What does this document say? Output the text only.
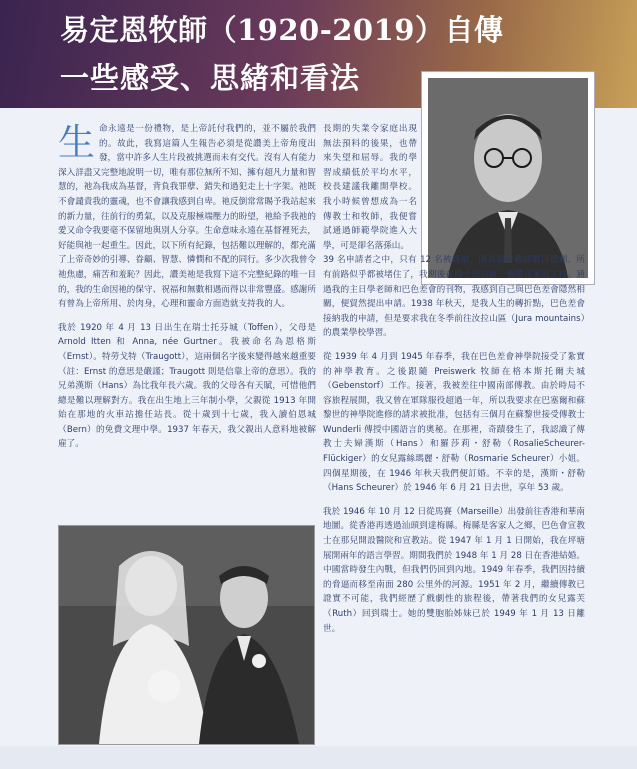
易定恩牧師（1920-2019）自傳
一些感受、思緒和看法

生命永遠是一份禮物，是上帝託付我們的，並不屬於我們的。故此，我寫這篇人生報告必須是從讚美上帝角度出發，當中許多人生片段被挑選而未有交代。沒有人有能力深入詳盡又完整地說明一切，唯有那位無所不知、擁有超凡力量和智慧的，祂為我成為基督，背負我罪孽、錯失和過犯走上十字架。祂既不會譴責我的靈魂，也不會讓我感到自卑。祂反倒常常賜予我站起來的新力量，往前行的勇氣，以及克服極端壓力的盼望，祂給予我祂的愛又命令我要毫不保留地與別人分享。生命意味永遠在基督裡死去，好能與祂一起重生。因此，以下所有紀錄，包括難以理解的，都充滿了上帝奇妙的引導、眷顧、智慧、憐憫和不配的同行。多少次我曾令祂焦慮，痛苦和羞恥？因此，讚美祂是我寫下這不完整紀錄的唯一目的，我的生命因祂的保守、祝福和無數相遇而得以非常豐盛。感謝所有曾為上帝所用、於肉身，心理和靈命方面造就支持我的人。

我於 1920 年 4 月 13 日出生在瑞士托芬城（Toffen），父母是 Arnold Itten 和 Anna, née Gurtner。我被命名為恩格斯（Ernst）。特勞戈特（Traugott），這兩個名字後來變得越來越重要（註：Ernst 的意思是嚴謹；Traugott 則是信靠上帝的意思）。我的兄弟漢斯（Hans）為比我年長六歲。我的父母各有天賦，可惜他們總是難以理解對方。我在出生地上三年制小學，父親從 1913 年開始在那地的火車站擔任站長。從十歲到十七歲，我入讀伯恩城（Bern）的免費文理中學。1937 年春天，我父親出人意料地被解雇了。

長期的失業令家庭出現無法預料的後果，也帶來失望和屈辱。我的學習成績低於平均水平，校長建議我離開學校。我小時候曾想成為一名傳教士和牧師，我便嘗試通過師範學院進入大學，可是卻名落孫山。

39 名申請者之中，只有 12 名被錄取，因為當時教師數目過剩。所有前路似乎都被堵住了，我期後在瑞士法語區一個農民家庭工作。通過我的主日學老師和巴色差會的刊物，我感到自己與巴色差會隱然相關，便貿然提出申請。1938 年秋天，是我人生的轉折點，巴色差會接納我的申請，但是要求我在冬季前往汝拉山區（Jura mountains）的農業學校學習。

從 1939 年 4 月到 1945 年春季，我在巴色差會神學院接受了紮實的神學教育。之後跟隨 Preiswerk 牧師在格本斯托爾夫城（Gebenstorf）工作。接著，我被差往中國南部傳教。由於時局不容旅程展開，我又曾在軍隊服役超過一年，所以我要求在巴塞爾和蘇黎世的神學院進修的請求被批准，包括有三個月在蘇黎世接受傳教士 Wunderli 傳授中國語言的奧秘。在那裡，奇蹟發生了，我認識了傳教士夫婦漢斯（Hans）和羅莎莉・舒勒（RosalieScheurer-Flückiger）的女兒露絲瑪麗・舒勒（Rosmarie Scheurer）小姐。四個星期後，在 1946 年秋天我們便訂婚。不幸的是，漢斯・舒勒（Hans Scheurer）於 1946 年 6 月 21 日去世，享年 53 歲。

我於 1946 年 10 月 12 日從馬賽（Marseille）出發前往香港和華南地圖。從香港再透過汕頭到達梅縣。梅縣是客家人之鄉，巴色會宣教士在那兒開設醫院和宣教站。從 1947 年 1 月 1 日開始，我在坪塘展開兩年的語言學習。期間我們於 1948 年 1 月 28 日在香港結婚。中國當時發生內戰，但我們仍回到內地。1949 年春季，我們因持續的脅逼而移至南面 280 公里外的河源。1951 年 2 月，繼續傳教已證實不可能，我們經歷了戲劇性的旅程後，帶著我們的女兒露芙（Ruth）回到瑞士。她的雙胞胎姊妹已於 1949 年 1 月 13 日離世。
